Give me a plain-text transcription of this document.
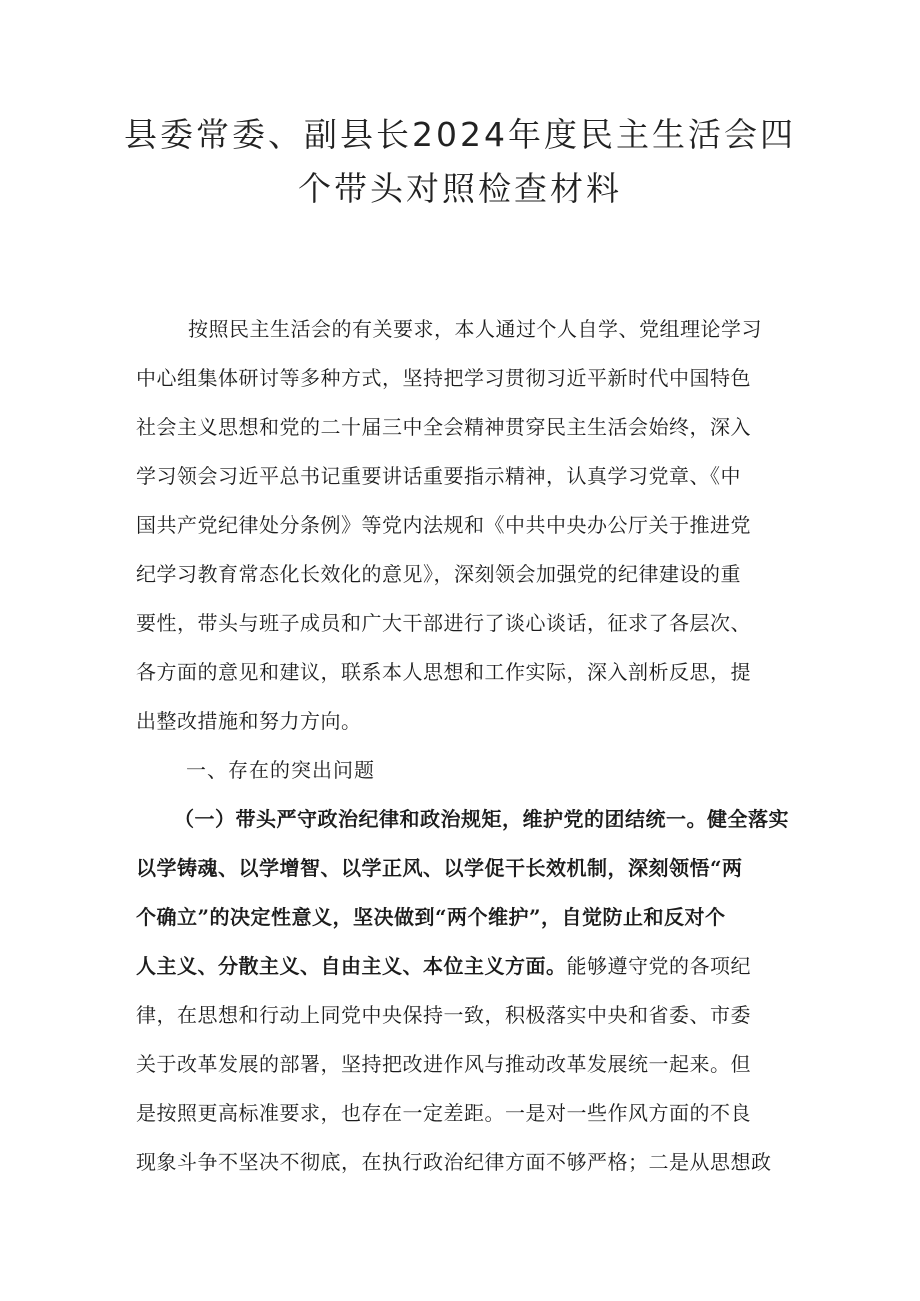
县委常委、副县长2024年度民主生活会四
个带头对照检查材料
按照民主生活会的有关要求，本人通过个人自学、党组理论学习
中心组集体研讨等多种方式，坚持把学习贯彻习近平新时代中国特色
社会主义思想和党的二十届三中全会精神贯穿民主生活会始终，深入
学习领会习近平总书记重要讲话重要指示精神，认真学习党章、《中
国共产党纪律处分条例》等党内法规和《中共中央办公厅关于推进党
纪学习教育常态化长效化的意见》，深刻领会加强党的纪律建设的重
要性，带头与班子成员和广大干部进行了谈心谈话，征求了各层次、
各方面的意见和建议，联系本人思想和工作实际，深入剖析反思，提
出整改措施和努力方向。
一、存在的突出问题
（一）带头严守政治纪律和政治规矩，维护党的团结统一。健全落实
以学铸魂、以学增智、以学正风、以学促干长效机制，深刻领悟“两
个确立”的决定性意义，坚决做到“两个维护”，自觉防止和反对个
人主义、分散主义、自由主义、本位主义方面。能够遵守党的各项纪
律，在思想和行动上同党中央保持一致，积极落实中央和省委、市委
关于改革发展的部署，坚持把改进作风与推动改革发展统一起来。但
是按照更高标准要求，也存在一定差距。一是对一些作风方面的不良
现象斗争不坚决不彻底，在执行政治纪律方面不够严格；二是从思想政
